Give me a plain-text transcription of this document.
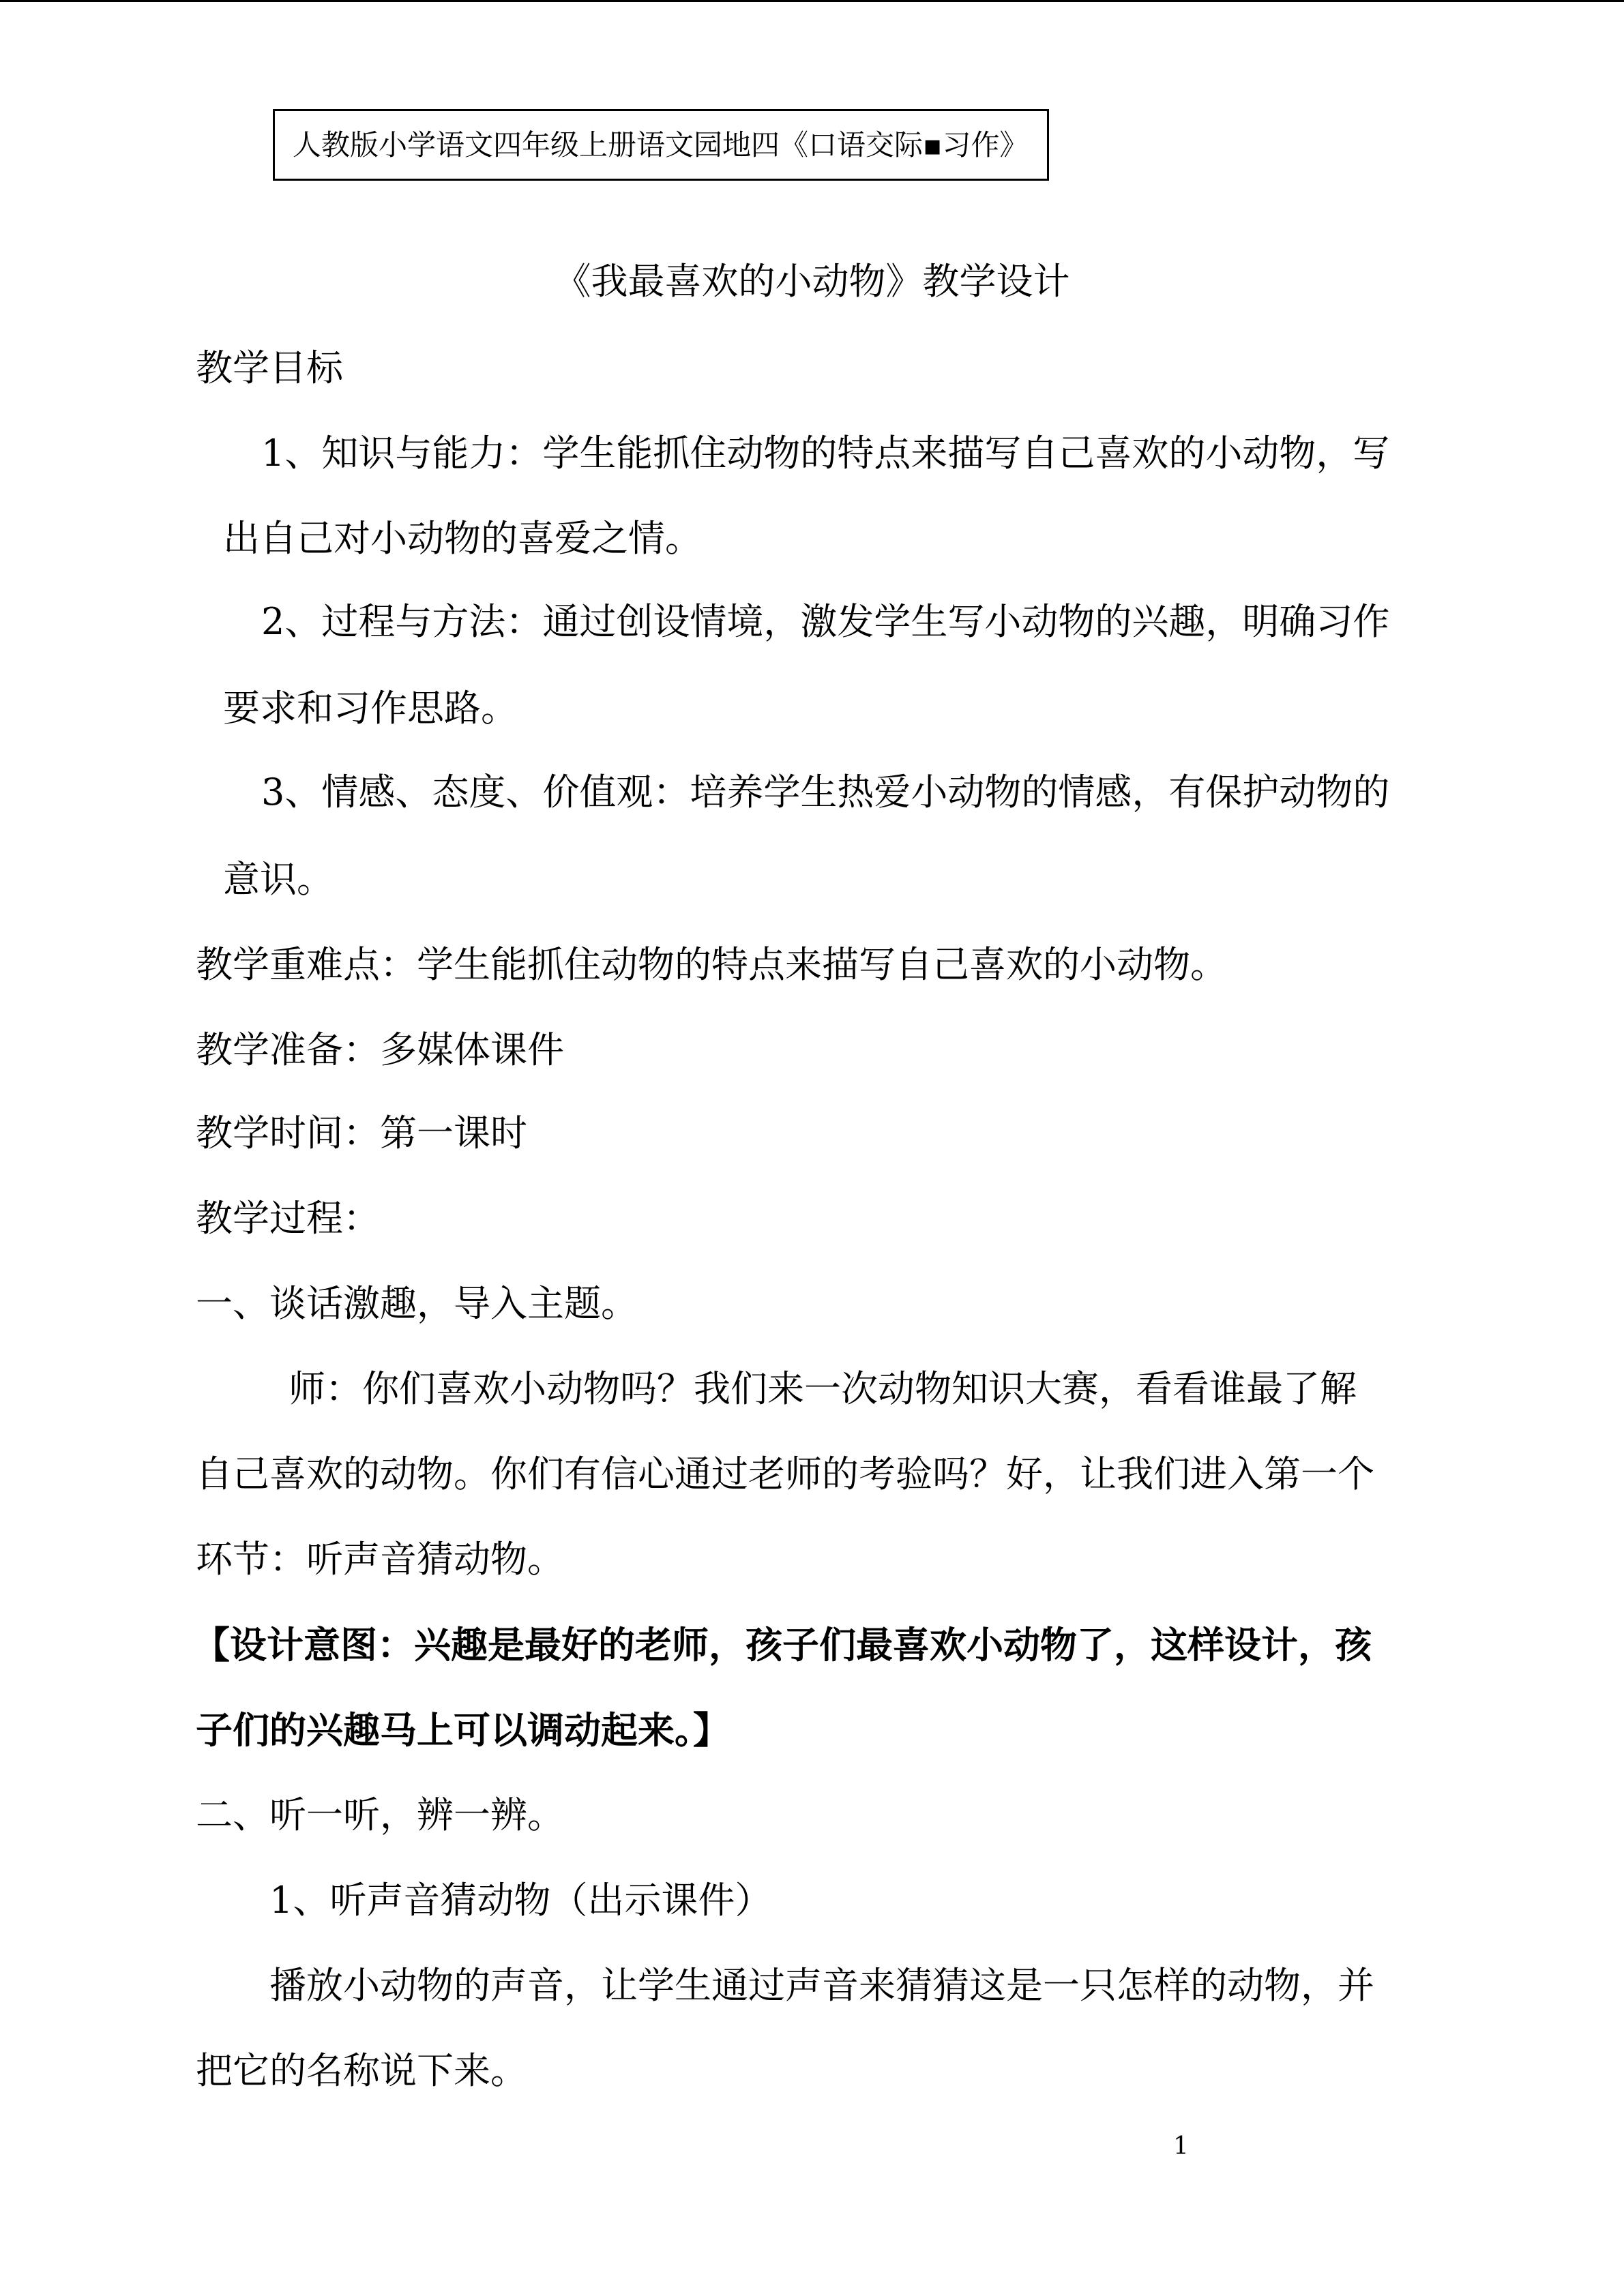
人教版小学语文四年级上册语文园地四《口语交际▪习作》
《我最喜欢的小动物》教学设计
教学目标
1、知识与能力：学生能抓住动物的特点来描写自己喜欢的小动物，写
出自己对小动物的喜爱之情。
2、过程与方法：通过创设情境，激发学生写小动物的兴趣，明确习作
要求和习作思路。
3、情感、态度、价值观：培养学生热爱小动物的情感，有保护动物的
意识。
教学重难点：学生能抓住动物的特点来描写自己喜欢的小动物。
教学准备：多媒体课件
教学时间：第一课时
教学过程：
一、谈话激趣，导入主题。
师：你们喜欢小动物吗？我们来一次动物知识大赛，看看谁最了解
自己喜欢的动物。你们有信心通过老师的考验吗？好，让我们进入第一个
环节：听声音猜动物。
【设计意图：兴趣是最好的老师，孩子们最喜欢小动物了，这样设计，孩
子们的兴趣马上可以调动起来。】
二、听一听，辨一辨。
1、听声音猜动物（出示课件）
播放小动物的声音，让学生通过声音来猜猜这是一只怎样的动物，并
把它的名称说下来。
1
